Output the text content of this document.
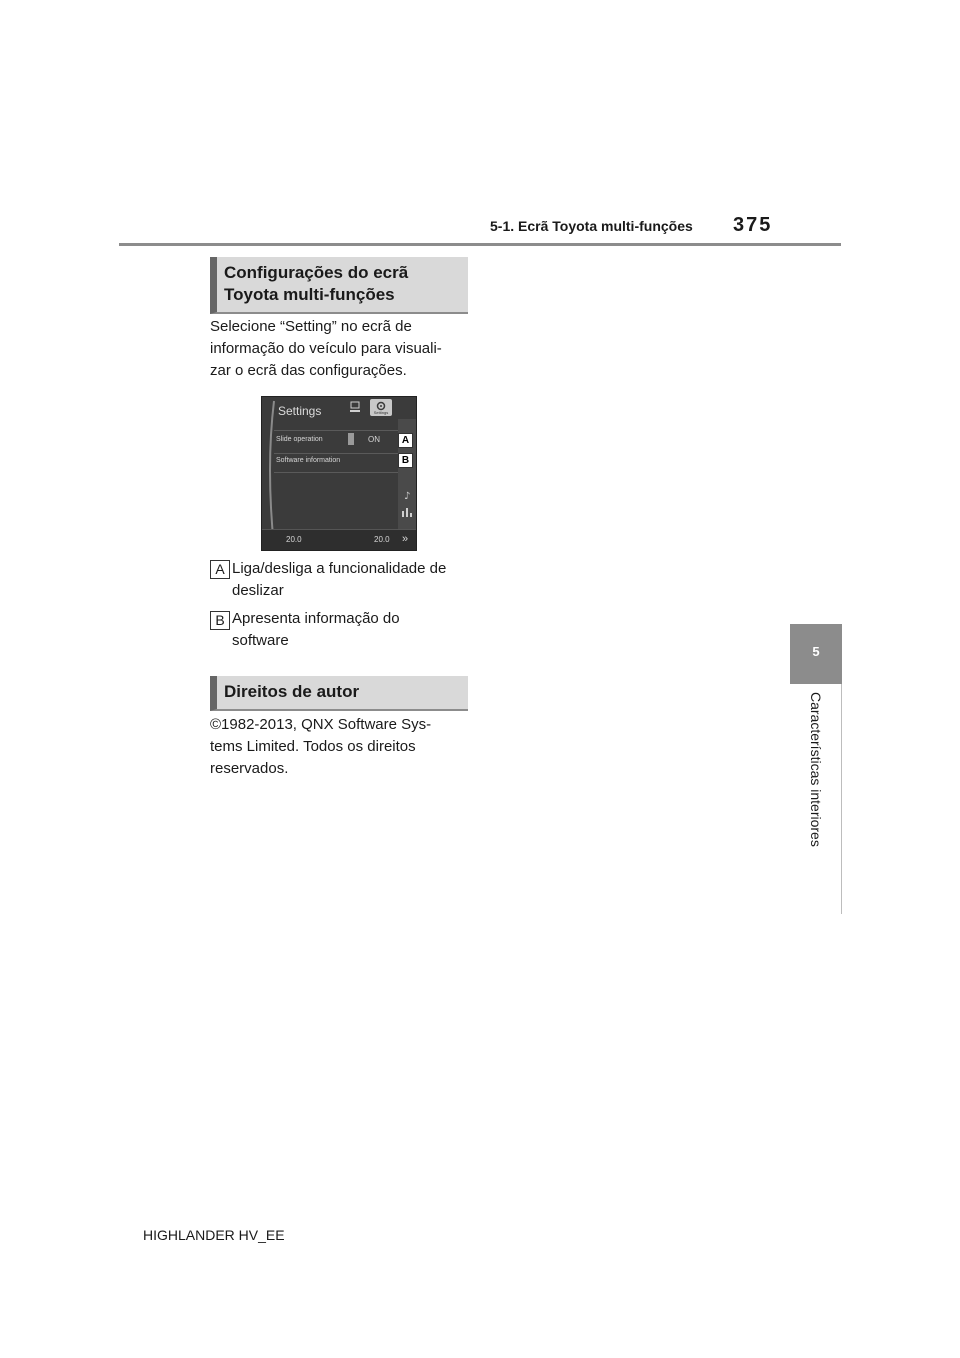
5-1. Ecrã Toyota multi-funções 375
5
Características interiores
Configurações do ecrã
Toyota multi-funções
Selecione “Setting” no ecrã de
informação do veículo para visuali-
zar o ecrã das configurações.
Settings	Settings
Slide operation	ON
Software information
♪
A
B
20.0	20.0 »
A Liga/desliga a funcionalidade de
deslizar
B Apresenta informação do
software
Direitos de autor
©1982-2013, QNX Software Sys-
tems Limited. Todos os direitos
reservados.
HIGHLANDER HV_EE
